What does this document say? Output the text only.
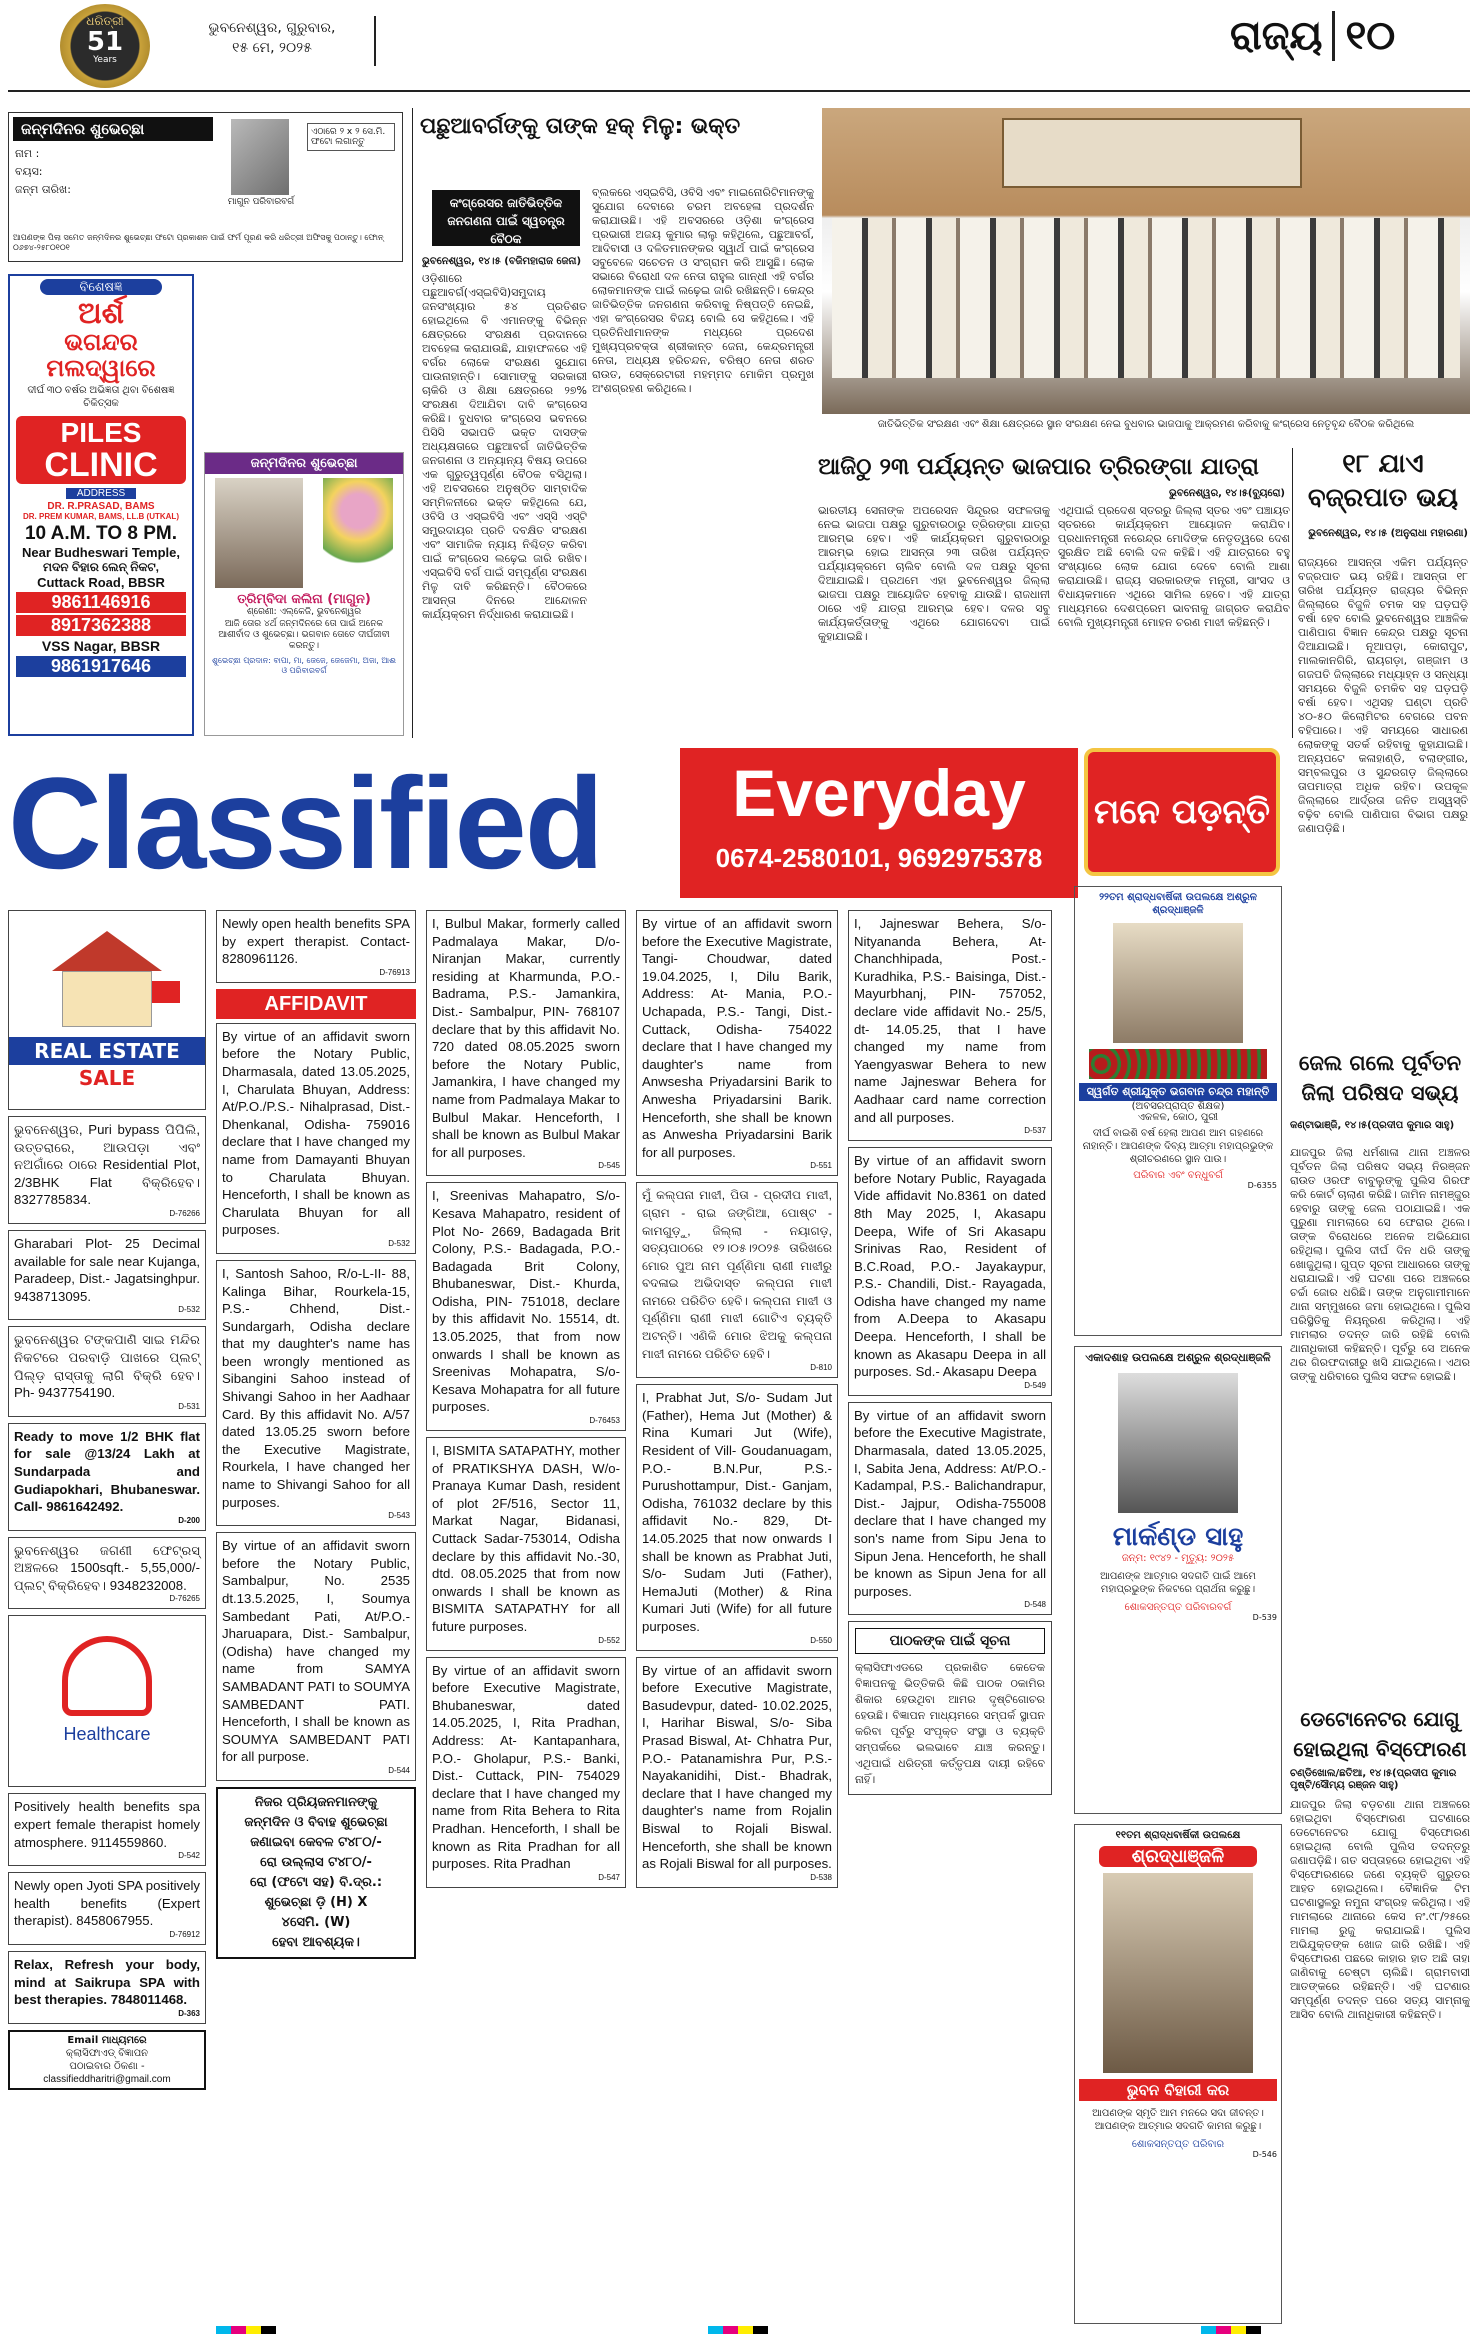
ଧରିତ୍ରୀ
51
Years
ଭୁବନେଶ୍ୱର, ଗୁରୁବାର,
୧୫ ମେ, ୨୦୨୫	ରାଜ୍ୟ ୧୦
ଜନ୍ମଦିନର ଶୁଭେଚ୍ଛା
ନାମ :
ବୟସ:
ଜନ୍ମ ତାରିଖ:
ମାଗୁନ ପରିବାରବର୍ଗ
ଏଠାରେ ୨ x ୨ ସେ.ମି. ଫଟୋ ଲଗାନ୍ତୁ
ଆପଣଙ୍କ ପିଲା ସମେତ ଜନ୍ମଦିନର ଶୁଭେଚ୍ଛା ଫଟୋ ପ୍ରକାଶନ ପାଇଁ ଫର୍ମ ପୂରଣ କରି ଧରିତ୍ରୀ ଅଫିସକୁ ପଠାନ୍ତୁ। ଫୋନ୍ ୦୬୭୪-୨୫୮୦୧୦୧
ବିଶେଷଜ୍ଞ
ଅର୍ଶ
ଭଗନ୍ଦର
ମଲଦ୍ୱାରେ
ଦୀର୍ଘ ୩୦ ବର୍ଷର ଅଭିଜ୍ଞତା ଥିବା ବିଶେଷଜ୍ଞ ଚିକିତ୍ସକ
PILES
CLINIC
ADDRESS
DR. R.PRASAD, BAMS
DR. PREM KUMAR, BAMS, LL.B (UTKAL)
10 A.M. TO 8 PM.
Near Budheswari Temple,
ମଦନ ବିହାର ଲେନ୍ ନିକଟ,
Cuttack Road, BBSR
9861146916
8917362388
VSS Nagar, BBSR
9861917646
ଜନ୍ମଦିନର ଶୁଭେଚ୍ଛା
ତ୍ରିମ୍ବିଦା କଲିନା (ମାଗୁନ)
ଶ୍ରେଣୀ: ଏଲ୍‌କେଜି, ଭୁବନେଶ୍ୱର
ଆଜି ତୋର ୪ର୍ଥ ଜନ୍ମଦିନରେ ତୋ ପାଇଁ ଅନେକ ଆଶୀର୍ବାଦ ଓ ଶୁଭେଚ୍ଛା। ଭଗବାନ ତୋତେ ଦୀର୍ଘଜୀବୀ କରନ୍ତୁ।
ଶୁଭେଚ୍ଛା ପ୍ରଦାନ: ବାପା, ମା, ଜେଜେ, ଜେଜେମା, ଅଜା, ଆଈ ଓ ପରିବାରବର୍ଗ
ପଛୁଆବର୍ଗଙ୍କୁ ତାଙ୍କ ହକ୍ ମିଳୁ: ଭକ୍ତ
କଂଗ୍ରେସର ଜାତିଭିତ୍ତିକ ଜନଗଣନା ପାଇଁ ସ୍ୱତନ୍ତ୍ର ବୈଠକ
ବ୍ଲକରେ ଏସ୍‌ଇବିସି, ଓବିସି ଏବଂ ମାଇନୋରିଟିମାନଙ୍କୁ ସୁଯୋଗ ଦେବାରେ ଚରମ ଅବହେଳା ପ୍ରଦର୍ଶନ କରାଯାଉଛି। ଏହି ଅବସରରେ ଓଡ଼ିଶା କଂଗ୍ରେସ ପ୍ରଭାରୀ ଅଜୟ କୁମାର ଲାଲୁ କହିଥିଲେ, ପଛୁଆବର୍ଗ, ଆଦିବାସୀ ଓ ଦଳିତମାନଙ୍କର ସ୍ୱାର୍ଥ ପାଇଁ କଂଗ୍ରେସ ସବୁବେଳେ ସଚେତନ ଓ ସଂଗ୍ରାମ କରି ଆସୁଛି। ଲୋକ ସଭାରେ ବିରୋଧୀ ଦଳ ନେତା ରାହୁଲ ଗାନ୍ଧୀ ଏହି ବର୍ଗର ଲୋକମାନଙ୍କ ପାଇଁ ଲଢ଼େଇ ଜାରି ରଖିଛନ୍ତି। କେନ୍ଦ୍ର ଜାତିଭିତ୍ତିକ ଜନଗଣନା କରିବାକୁ ନିଷ୍ପତ୍ତି ନେଇଛି, ଏହା କଂଗ୍ରେସର ବିଜୟ ବୋଲି ସେ କହିଥିଲେ। ଏହି ପ୍ରତିନିଧୀମାନଙ୍କ ମଧ୍ୟରେ ପ୍ରଦେଶ ମୁଖ୍ୟପ୍ରବକ୍ତା ଶ୍ରୀକାନ୍ତ ଜେନା, କେନ୍ଦ୍ରମନ୍ତ୍ରୀ ନେତା, ଅଧ୍ୟକ୍ଷ ହରିଚନ୍ଦନ, ବରିଷ୍ଠ ନେତା ଶରତ ରାଉତ, ସେକ୍ରେଟାରୀ ମହମ୍ମଦ ମୋକିମ ପ୍ରମୁଖ ଅଂଶଗ୍ରହଣ କରିଥିଲେ।
ଭୁବନେଶ୍ୱର, ୧୪।୫ (ବଜିମହାରାଜ ଜେନା)
ଓଡ଼ିଶାରେ ପଛୁଆବର୍ଗ(ଏସ୍‌ଇବିସି)ସମୁଦାୟ ଜନସଂଖ୍ୟାର ୫୪ ପ୍ରତିଶତ ହୋଇଥିଲେ ବି ଏମାନଙ୍କୁ ବିଭିନ୍ନ କ୍ଷେତ୍ରରେ ସଂରକ୍ଷଣ ପ୍ରଦାନରେ ଅବହେଳା କରାଯାଉଛି, ଯାହାଫଳରେ ଏହି ବର୍ଗର ଲୋକେ ସଂରକ୍ଷଣ ସୁଯୋଗ ପାଉନାହାନ୍ତି। ସୋମାଙ୍କୁ ସରକାରୀ ଚାକିରି ଓ ଶିକ୍ଷା କ୍ଷେତ୍ରରେ ୨୭% ସଂରକ୍ଷଣ ଦିଆଯିବା ଦାବି କଂଗ୍ରେସ କରିଛି। ବୁଧବାର କଂଗ୍ରେସ ଭବନରେ ପିସିସି ସଭାପତି ଭକ୍ତ ଦାସଙ୍କ ଅଧ୍ୟକ୍ଷତାରେ ପଛୁଆବର୍ଗ ଜାତିଭିତ୍ତିକ ଜନଗଣନା ଓ ଅନ୍ୟାନ୍ୟ ବିଷୟ ଉପରେ ଏକ ଗୁରୁତ୍ୱପୂର୍ଣ୍ଣ ବୈଠକ ବସିଥିଲା। ଏହି ଅବସରରେ ଅନୁଷ୍ଠିତ ସାମ୍ବାଦିକ ସମ୍ମିଳନୀରେ ଭକ୍ତ କହିଥିଲେ ଯେ, ଓବିସି ଓ ଏସ୍‌ଇବିସି ଏବଂ ଏସ୍‌ସି ଏସ୍‌ଟି ସମ୍ପ୍ରଦାୟର ପ୍ରତି ଦବକ୍ଷିତ ସଂରକ୍ଷଣ ଏବଂ ସାମାଜିକ ନ୍ୟାୟ ନିଶ୍ଚିତ୍ତ କରିବା ପାଇଁ କଂଗ୍ରେସ ଲଢ଼େଇ ଜାରି ରଖିବ। ଏସ୍‌ଇବିସି ବର୍ଗ ପାଇଁ ସମ୍ପୂର୍ଣ୍ଣ ସଂରକ୍ଷଣ ମିଳୁ ଦାବି କରିଛନ୍ତି। ବୈଠକରେ ଆସନ୍ତା ଦିନରେ ଆନ୍ଦୋଳନ କାର୍ଯ୍ୟକ୍ରମ ନିର୍ଦ୍ଧାରଣ କରାଯାଇଛି।
ଜାତିଭିତ୍ତିକ ସଂରକ୍ଷଣ ଏବଂ ଶିକ୍ଷା କ୍ଷେତ୍ରରେ ସ୍ଥାନ ସଂରକ୍ଷଣ ନେଇ ବୁଧବାର ଭାଜପାକୁ ଆକ୍ରମଣ କରିବାକୁ କଂଗ୍ରେସ ନେତୃବୃନ୍ଦ ବୈଠକ କରିଥିଲେ
ଆଜିଠୁ ୨୩ ପର୍ଯ୍ୟନ୍ତ ଭାଜପାର ତ୍ରିରଙ୍ଗା ଯାତ୍ରା
ଭୁବନେଶ୍ୱର, ୧୪।୫(ବ୍ୟୁରୋ)
ଭାରତୀୟ ସେନାଙ୍କ ଅପରେସନ ସିନ୍ଦୂରର ସଫଳତାକୁ ନେଇ ଭାଜପା ପକ୍ଷରୁ ଗୁରୁବାରଠାରୁ ତ୍ରିରଙ୍ଗା ଯାତ୍ରା ଆରମ୍ଭ ହେବ। ଏହି କାର୍ଯ୍ୟକ୍ରମ ଗୁରୁବାରଠାରୁ ଆରମ୍ଭ ହୋଇ ଆସନ୍ତା ୨୩ ତାରିଖ ପର୍ଯ୍ୟନ୍ତ ପର୍ଯ୍ୟାୟକ୍ରମେ ଚାଲିବ ବୋଲି ଦଳ ପକ୍ଷରୁ ସୂଚନା ଦିଆଯାଇଛି। ପ୍ରଥମେ ଏହା ଭୁବନେଶ୍ୱର ଜିଲ୍ଲା ଭାଜପା ପକ୍ଷରୁ ଆୟୋଜିତ ହେବାକୁ ଯାଉଛି। ରାଜଧାନୀ ଠାରେ ଏହି ଯାତ୍ରା ଆରମ୍ଭ ହେବ। ଦଳର ସବୁ କାର୍ଯ୍ୟକର୍ତ୍ତାଙ୍କୁ ଏଥିରେ ଯୋଗଦେବା ପାଇଁ କୁହାଯାଇଛି।
ଏଥିପାଇଁ ପ୍ରଦେଶ ସ୍ତରରୁ ଜିଲ୍ଲା ସ୍ତର ଏବଂ ପଞ୍ଚାୟତ ସ୍ତରରେ କାର୍ଯ୍ୟକ୍ରମ ଆୟୋଜନ କରାଯିବ। ପ୍ରଧାନମନ୍ତ୍ରୀ ନରେନ୍ଦ୍ର ମୋଦିଙ୍କ ନେତୃତ୍ୱରେ ଦେଶ ସୁରକ୍ଷିତ ଅଛି ବୋଲି ଦଳ କହିଛି। ଏହି ଯାତ୍ରାରେ ବହୁ ସଂଖ୍ୟାରେ ଲୋକ ଯୋଗ ଦେବେ ବୋଲି ଆଶା କରାଯାଉଛି। ରାଜ୍ୟ ସରକାରଙ୍କ ମନ୍ତ୍ରୀ, ସାଂସଦ ଓ ବିଧାୟକମାନେ ଏଥିରେ ସାମିଲ ହେବେ। ଏହି ଯାତ୍ରା ମାଧ୍ୟମରେ ଦେଶପ୍ରେମ ଭାବନାକୁ ଜାଗ୍ରତ କରାଯିବ ବୋଲି ମୁଖ୍ୟମନ୍ତ୍ରୀ ମୋହନ ଚରଣ ମାଝୀ କହିଛନ୍ତି।
୧୮ ଯାଏ
ବଜ୍ରପାତ ଭୟ
ଭୁବନେଶ୍ୱର, ୧୪।୫ (ଅନୁରାଧା ମହାରଣା)
ରାଜ୍ୟରେ ଆସନ୍ତା ଏକିମ ପର୍ଯ୍ୟନ୍ତ ବଜ୍ରପାତ ଭୟ ରହିଛି। ଆସନ୍ତା ୧୮ ତାରିଖ ପର୍ଯ୍ୟନ୍ତ ରାଜ୍ୟର ବିଭିନ୍ନ ଜିଲ୍ଲାରେ ବିଜୁଳି ଚମକ ସହ ଘଡ଼ଘଡ଼ି ବର୍ଷା ହେବ ବୋଲି ଭୁବନେଶ୍ୱର ଆଞ୍ଚଳିକ ପାଣିପାଗ ବିଜ୍ଞାନ କେନ୍ଦ୍ର ପକ୍ଷରୁ ସୂଚନା ଦିଆଯାଇଛି। ନୂଆପଡ଼ା, କୋରାପୁଟ, ମାଲକାନଗିରି, ରାୟଗଡ଼ା, ଗଞ୍ଜାମ ଓ ଗଜପତି ଜିଲ୍ଲାରେ ମଧ୍ୟାହ୍ନ ଓ ସନ୍ଧ୍ୟା ସମୟରେ ବିଜୁଳି ଚମକିବ ସହ ଘଡ଼ଘଡ଼ି ବର୍ଷା ହେବ। ଏଥିସହ ଘଣ୍ଟା ପ୍ରତି ୪୦-୫୦ କିଲୋମିଟର ବେଗରେ ପବନ ବହିପାରେ। ଏହି ସମୟରେ ସାଧାରଣ ଲୋକଙ୍କୁ ସତର୍କ ରହିବାକୁ କୁହାଯାଇଛି। ଅନ୍ୟପଟେ କଳାହାଣ୍ଡି, ବଲାଙ୍ଗୀର, ସମ୍ବଲପୁର ଓ ସୁନ୍ଦରଗଡ଼ ଜିଲ୍ଲାରେ ତାପମାତ୍ରା ଅଧିକ ରହିବ। ଉପକୂଳ ଜିଲ୍ଲାରେ ଆର୍ଦ୍ରତା ଜନିତ ଅସ୍ୱସ୍ତି ବଢ଼ିବ ବୋଲି ପାଣିପାଗ ବିଭାଗ ପକ୍ଷରୁ ଜଣାପଡ଼ିଛି।
ଜେଲ ଗଲେ ପୂର୍ବତନ ଜିଲା ପରିଷଦ ସଭ୍ୟ
କଣ୍ଟାଭାଞ୍ଜି, ୧୪।୫(ପ୍ରଦୀପ କୁମାର ସାହୁ)
ଯାଜପୁର ଜିଲା ଧର୍ମଶାଳା ଥାନା ଅଞ୍ଚଳର ପୂର୍ବତନ ଜିଲା ପରିଷଦ ସଭ୍ୟ ନିରଞ୍ଜନ ରାଉତ ଓରଫ ବାବୁଲୁଙ୍କୁ ପୁଲିସ ଗିରଫ କରି କୋର୍ଟ ଚାଲାଣ କରିଛି। ଜାମିନ ନାମଞ୍ଜୁର ହେବାରୁ ତାଙ୍କୁ ଜେଲ ପଠାଯାଇଛି। ଏକ ପୁରୁଣା ମାମଲାରେ ସେ ଫେରାର ଥିଲେ। ତାଙ୍କ ବିରୋଧରେ ଅନେକ ଅଭିଯୋଗ ରହିଥିଲା। ପୁଲିସ ଦୀର୍ଘ ଦିନ ଧରି ତାଙ୍କୁ ଖୋଜୁଥିଲା। ଗୁପ୍ତ ସୂଚନା ଆଧାରରେ ତାଙ୍କୁ ଧରାଯାଇଛି। ଏହି ଘଟଣା ପରେ ଅଞ୍ଚଳରେ ଚର୍ଚ୍ଚା ଜୋର ଧରିଛି। ତାଙ୍କ ଅନୁଗାମୀମାନେ ଥାନା ସମ୍ମୁଖରେ ଜମା ହୋଇଥିଲେ। ପୁଲିସ ପରିସ୍ଥିତିକୁ ନିୟନ୍ତ୍ରଣ କରିଥିଲା। ଏହି ମାମଲାର ତଦନ୍ତ ଜାରି ରହିଛି ବୋଲି ଥାନାଧିକାରୀ କହିଛନ୍ତି। ପୂର୍ବରୁ ସେ ଅନେକ ଥର ଗିରଫଦାରୀରୁ ଖସି ଯାଇଥିଲେ। ଏଥର ତାଙ୍କୁ ଧରିବାରେ ପୁଲିସ ସଫଳ ହୋଇଛି।
ଡେଟୋନେଟର ଯୋଗୁ ହୋଇଥିଲା ବିସ୍ଫୋରଣ
ଚଣ୍ଡିଖୋଲ/ଛତିଆ, ୧୪।୫(ପ୍ରଦୀପ କୁମାର ପୃଷ୍ଟି/ସୌମ୍ୟ ରଞ୍ଜନ ସାହୁ)
ଯାଜପୁର ଜିଲା ବଡ଼ଚଣା ଥାନା ଅଞ୍ଚଳରେ ହୋଇଥିବା ବିସ୍ଫୋରଣ ଘଟଣାରେ ଡେଟୋନେଟର ଯୋଗୁ ବିସ୍ଫୋରଣ ହୋଇଥିଲା ବୋଲି ପୁଲିସ ତଦନ୍ତରୁ ଜଣାପଡ଼ିଛି। ଗତ ସପ୍ତାହରେ ହୋଇଥିବା ଏହି ବିସ୍ଫୋରଣରେ ଜଣେ ବ୍ୟକ୍ତି ଗୁରୁତର ଆହତ ହୋଇଥିଲେ। ବୈଜ୍ଞାନିକ ଟିମ ଘଟଣାସ୍ଥଳରୁ ନମୁନା ସଂଗ୍ରହ କରିଥିଲା। ଏହି ମାମଲାରେ ଥାନାରେ କେସ ନଂ.୯୮/୨୫ରେ ମାମଲା ରୁଜୁ କରାଯାଇଛି। ପୁଲିସ ଅଭିଯୁକ୍ତଙ୍କ ଖୋଜ ଜାରି ରଖିଛି। ଏହି ବିସ୍ଫୋରଣ ପଛରେ କାହାର ହାତ ଅଛି ତାହା ଜାଣିବାକୁ ଚେଷ୍ଟା ଚାଲିଛି। ଗ୍ରାମବାସୀ ଆତଙ୍କରେ ରହିଛନ୍ତି। ଏହି ଘଟଣାର ସମ୍ପୂର୍ଣ୍ଣ ତଦନ୍ତ ପରେ ସତ୍ୟ ସାମ୍ନାକୁ ଆସିବ ବୋଲି ଥାନାଧିକାରୀ କହିଛନ୍ତି।
Classified	Everyday
0674-2580101, 9692975378
ମନେ ପଡ଼ନ୍ତି
REAL ESTATE
SALE
ଭୁବନେଶ୍ୱର, Puri bypass ପିପିଲି, ଉତ୍ତରାରେ, ଆଉପଡ଼ା ଏବଂ ନଅଗାଁରେ ଠାରେ Residential Plot, 2/3BHK Flat ବିକ୍ରିହେବ। 8327785834.
D-76266
Gharabari Plot- 25 Decimal available for sale near Kujanga, Paradeep, Dist.- Jagatsinghpur. 9438713095.
D-532
ଭୁବନେଶ୍ୱର ଟଙ୍କପାଣି ସାଇ ମନ୍ଦିର ନିକଟରେ ପରବାଡ଼ି ପାଖରେ ପ୍ଲଟ୍ ପିଲ୍ଡ଼ ରାସ୍ତାକୁ ଲାଗି ବିକ୍ରି ହେବ। Ph- 9437754190.
D-531
Ready to move 1/2 BHK flat for sale @13/24 Lakh at Sundarpada and Gudiapokhari, Bhubaneswar. Call- 9861642492.
D-200
ଭୁବନେଶ୍ୱର ଜଗଣୀ ଫେଟ୍ରସ୍ ଅଞ୍ଚଳରେ 1500sqft.- 5,55,000/- ପ୍ଲଟ୍ ବିକ୍ରିହେବ। 9348232008.
D-76265
Healthcare
Positively health benefits spa expert female therapist homely atmosphere. 9114559860.
D-542
Newly open Jyoti SPA positively health benefits (Expert therapist). 8458067955.
D-76912
Relax, Refresh your body, mind at Saikrupa SPA with best therapies. 7848011468.
D-363
Email ମାଧ୍ୟମରେ
କ୍ଲାସିଫାଏଡ୍ ବିଜ୍ଞାପନ
ପଠାଇବାର ଠିକଣା -
classifieddharitri@gmail.com
Newly open health benefits SPA by expert therapist. Contact- 8280961126.
D-76913
AFFIDAVIT
By virtue of an affidavit sworn before the Notary Public, Dharmasala, dated 13.05.2025, I, Charulata Bhuyan, Address: At/P.O./P.S.- Nihalprasad, Dist.- Dhenkanal, Odisha- 759016 declare that I have changed my name from Damayanti Bhuyan to Charulata Bhuyan. Henceforth, I shall be known as Charulata Bhuyan for all purposes.
D-532
I, Santosh Sahoo, R/o-L-II- 88, Kalinga Bihar, Rourkela-15, P.S.- Chhend, Dist.- Sundargarh, Odisha declare that my daughter's name has been wrongly mentioned as Sibangini Sahoo instead of Shivangi Sahoo in her Aadhaar Card. By this affidavit No. A/57 dated 13.05.25 sworn before the Executive Magistrate, Rourkela, I have changed her name to Shivangi Sahoo for all purposes.
D-543
By virtue of an affidavit sworn before the Notary Public, Sambalpur, No. 2535 dt.13.5.2025, I, Soumya Sambedant Pati, At/P.O.- Jharuapara, Dist.- Sambalpur, (Odisha) have changed my name from SAMYA SAMBADANT PATI to SOUMYA SAMBEDANT PATI. Henceforth, I shall be known as SOUMYA SAMBEDANT PATI for all purpose.
D-544
ନିଜର ପ୍ରିୟଜନମାନଙ୍କୁ
ଜନ୍ମଦିନ ଓ ବିବାହ ଶୁଭେଚ୍ଛା
ଜଣାଇବା କେବଳ ଟ୪୮୦/-
ରୋ ଉଲ୍ଲାସ ଟ୪୮୦/-
ରୋ (ଫଟୋ ସହ) ବି.ଦ୍ର.:
ଶୁଭେଚ୍ଛା ଡ଼ି (H) X
୪ସେମି. (W)
ହେବା ଆବଶ୍ୟକ।
I, Bulbul Makar, formerly called Padmalaya Makar, D/o- Niranjan Makar, currently residing at Kharmunda, P.O.- Badrama, P.S.- Jamankira, Dist.- Sambalpur, PIN- 768107 declare that by this affidavit No. 720 dated 08.05.2025 sworn before the Notary Public, Jamankira, I have changed my name from Padmalaya Makar to Bulbul Makar. Henceforth, I shall be known as Bulbul Makar for all purposes.
D-545
I, Sreenivas Mahapatro, S/o- Kesava Mahapatro, resident of Plot No- 2669, Badagada Brit Colony, P.S.- Badagada, P.O.- Badagada Brit Colony, Bhubaneswar, Dist.- Khurda, Odisha, PIN- 751018, declare by this affidavit No. 15514, dt. 13.05.2025, that from now onwards I shall be known as Sreenivas Mohapatra, S/o- Kesava Mohapatra for all future purposes.
D-76453
I, BISMITA SATAPATHY, mother of PRATIKSHYA DASH, W/o- Pranaya Kumar Dash, resident of plot 2F/516, Sector 11, Markat Nagar, Bidanasi, Cuttack Sadar-753014, Odisha declare by this affidavit No.-30, dtd. 08.05.2025 that from now onwards I shall be known as BISMITA SATAPATHY for all future purposes.
D-552
By virtue of an affidavit sworn before Executive Magistrate, Bhubaneswar, dated 14.05.2025, I, Rita Pradhan, Address: At- Kantapanhara, P.O.- Gholapur, P.S.- Banki, Dist.- Cuttack, PIN- 754029 declare that I have changed my name from Rita Behera to Rita Pradhan. Henceforth, I shall be known as Rita Pradhan for all purposes. Rita Pradhan
D-547
By virtue of an affidavit sworn before the Executive Magistrate, Tangi- Choudwar, dated 19.04.2025, I, Dilu Barik, Address: At- Mania, P.O.-Uchapada, P.S.- Tangi, Dist.-Cuttack, Odisha- 754022 declare that I have changed my daughter's name from Anwsesha Priyadarsini Barik to Anwesha Priyadarsini Barik. Henceforth, she shall be known as Anwesha Priyadarsini Barik for all purposes.
D-551
ମୁଁ କଲ୍ପନା ମାଝୀ, ପିତା - ପ୍ରଦୀପ ମାଝୀ, ଗ୍ରାମ - ରାଇ ଜଙ୍ଗିଆ, ପୋଷ୍ଟ - କାମଗୁଡ଼ୁ, ଜିଲ୍ଲା - ନୟାଗଡ଼, ସତ୍ୟପାଠରେ ୧୨।୦୫।୨୦୨୫ ତାରିଖରେ ମୋର ପୁଅ ନାମ ପୂର୍ଣ୍ଣିମା ରାଣୀ ମାଝୀରୁ ବଦଳାଇ ଅଭିଦାସ୍ତ କଲ୍ପନା ମାଝୀ ନାମରେ ପରିଚିତ ହେବି। କଲ୍ପନା ମାଝୀ ଓ ପୂର୍ଣ୍ଣିମା ରାଣୀ ମାଝୀ ଗୋଟିଏ ବ୍ୟକ୍ତି ଅଟନ୍ତି। ଏଣିକି ମୋର ଝିଅକୁ କଲ୍ପନା ମାଝୀ ନାମରେ ପରିଚିତ ହେବି।
D-810
I, Prabhat Jut, S/o- Sudam Jut (Father), Hema Jut (Mother) & Rina Kumari Jut (Wife), Resident of Vill- Goudanuagam, P.O.- B.N.Pur, P.S.- Purushottampur, Dist.- Ganjam, Odisha, 761032 declare by this affidavit No.- 829, Dt-14.05.2025 that now onwards I shall be known as Prabhat Juti, S/o- Sudam Juti (Father), HemaJuti (Mother) & Rina Kumari Juti (Wife) for all future purposes.
D-550
By virtue of an affidavit sworn before Executive Magistrate, Basudevpur, dated- 10.02.2025, I, Harihar Biswal, S/o- Siba Prasad Biswal, At- Chhatra Pur, P.O.- Patanamishra Pur, P.S.- Nayakanidihi, Dist.- Bhadrak, declare that I have changed my daughter's name from Rojalin Biswal to Rojali Biswal. Henceforth, she shall be known as Rojali Biswal for all purposes.
D-538
I, Jajneswar Behera, S/o- Nityananda Behera, At- Chanchhipada, Post.- Kuradhika, P.S.- Baisinga, Dist.- Mayurbhanj, PIN- 757052, declare vide affidavit No.- 25/5, dt- 14.05.25, that I have changed my name from Yaengyaswar Behera to new name Jajneswar Behera for Aadhaar card name correction and all purposes.
D-537
By virtue of an affidavit sworn before Notary Public, Rayagada Vide affidavit No.8361 on dated 8th May 2025, I, Akasapu Deepa, Wife of Sri Akasapu Srinivas Rao, Resident of B.C.Road, P.O.- Jayakaypur, P.S.- Chandili, Dist.- Rayagada, Odisha have changed my name from A.Deepa to Akasapu Deepa. Henceforth, I shall be known as Akasapu Deepa in all purposes. Sd.- Akasapu Deepa
D-549
By virtue of an affidavit sworn before the Executive Magistrate, Dharmasala, dated 13.05.2025, I, Sabita Jena, Address: At/P.O.-Kadampal, P.S.- Balichandrapur, Dist.- Jajpur, Odisha-755008 declare that I have changed my son's name from Sipu Jena to Sipun Jena. Henceforth, he shall be known as Sipun Jena for all purposes.
D-548
ପାଠକଙ୍କ ପାଇଁ ସୂଚନା
କ୍ଲାସିଫାଏଡରେ ପ୍ରକାଶିତ କେତେକ ବିଜ୍ଞାପନକୁ ଭିତ୍ତିକରି କିଛି ପାଠକ ଠକାମିର ଶିକାର ହେଉଥିବା ଆମର ଦୃଷ୍ଟିଗୋଚର ହେଉଛି। ବିଜ୍ଞାପନ ମାଧ୍ୟମରେ ସମ୍ପର୍କ ସ୍ଥାପନ କରିବା ପୂର୍ବରୁ ସଂପୃକ୍ତ ସଂସ୍ଥା ଓ ବ୍ୟକ୍ତି ସମ୍ପର୍କରେ ଭଲଭାବେ ଯାଞ୍ଚ କରନ୍ତୁ। ଏଥିପାଇଁ ଧରିତ୍ରୀ କର୍ତ୍ତୃପକ୍ଷ ଦାୟୀ ରହିବେ ନାହିଁ।
୨୨ତମ ଶ୍ରାଦ୍ଧବାର୍ଷିକୀ ଉପଲକ୍ଷେ ଅଶ୍ରୁଳ ଶ୍ରଦ୍ଧାଞ୍ଜଳି
ସ୍ୱର୍ଗତ ଶ୍ରୀଯୁକ୍ତ ଭଗବାନ ଚନ୍ଦ୍ର ମହାନ୍ତି
(ଅବସରପ୍ରାପ୍ତ ଶିକ୍ଷକ)
ଏକଳଳ, କୋଠ, ପୁରୀ
ଦୀର୍ଘ ବାଇଶି ବର୍ଷ ହେଲା ଆପଣ ଆମ ଗହଣରେ ନାହାନ୍ତି। ଆପଣଙ୍କ ଦିବ୍ୟ ଆତ୍ମା ମହାପ୍ରଭୁଙ୍କ ଶ୍ରୀଚରଣରେ ସ୍ଥାନ ପାଉ।
ପରିବାର ଏବଂ ବନ୍ଧୁବର୍ଗ
D-6355
ଏକାଦଶାହ ଉପଲକ୍ଷେ ଅଶ୍ରୁଳ ଶ୍ରଦ୍ଧାଞ୍ଜଳି
ମାର୍କଣ୍ଡ ସାହୁ
ଜନ୍ମ: ୧୯୪୨ - ମୃତ୍ୟୁ: ୨୦୨୫
ଆପଣଙ୍କ ଆତ୍ମାର ସଦଗତି ପାଇଁ ଆମେ ମହାପ୍ରଭୁଙ୍କ ନିକଟରେ ପ୍ରାର୍ଥନା କରୁଛୁ।
ଶୋକସନ୍ତପ୍ତ ପରିବାରବର୍ଗ
D-539
୧୧ତମ ଶ୍ରାଦ୍ଧବାର୍ଷିକୀ ଉପଲକ୍ଷେ
ଶ୍ରଦ୍ଧାଞ୍ଜଳି
ଭୁବନ ବିହାରୀ କର
ଆପଣଙ୍କ ସ୍ମୃତି ଆମ ମନରେ ସଦା ଜୀବନ୍ତ। ଆପଣଙ୍କ ଆତ୍ମାର ସଦଗତି କାମନା କରୁଛୁ।
ଶୋକସନ୍ତପ୍ତ ପରିବାର
D-546
